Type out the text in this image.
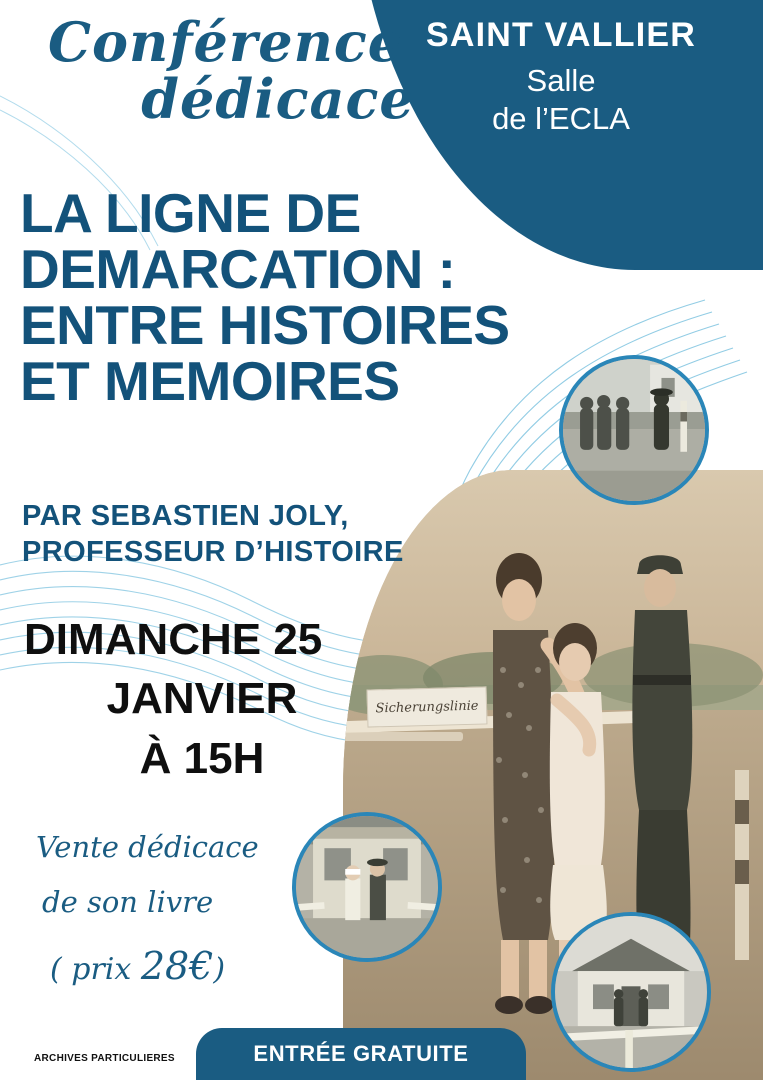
SAINT VALLIER
Salle
de l’ECLA
Conférence
dédicace
Sicherungslinie
LA LIGNE DE
DEMARCATION :
ENTRE HISTOIRES
ET MEMOIRES
PAR SEBASTIEN JOLY,
PROFESSEUR D’HISTOIRE
DIMANCHE 25
JANVIER
À 15H
Vente dédicace
de son livre
( prix 28€)
ARCHIVES PARTICULIERES	ENTRÉE GRATUITE
